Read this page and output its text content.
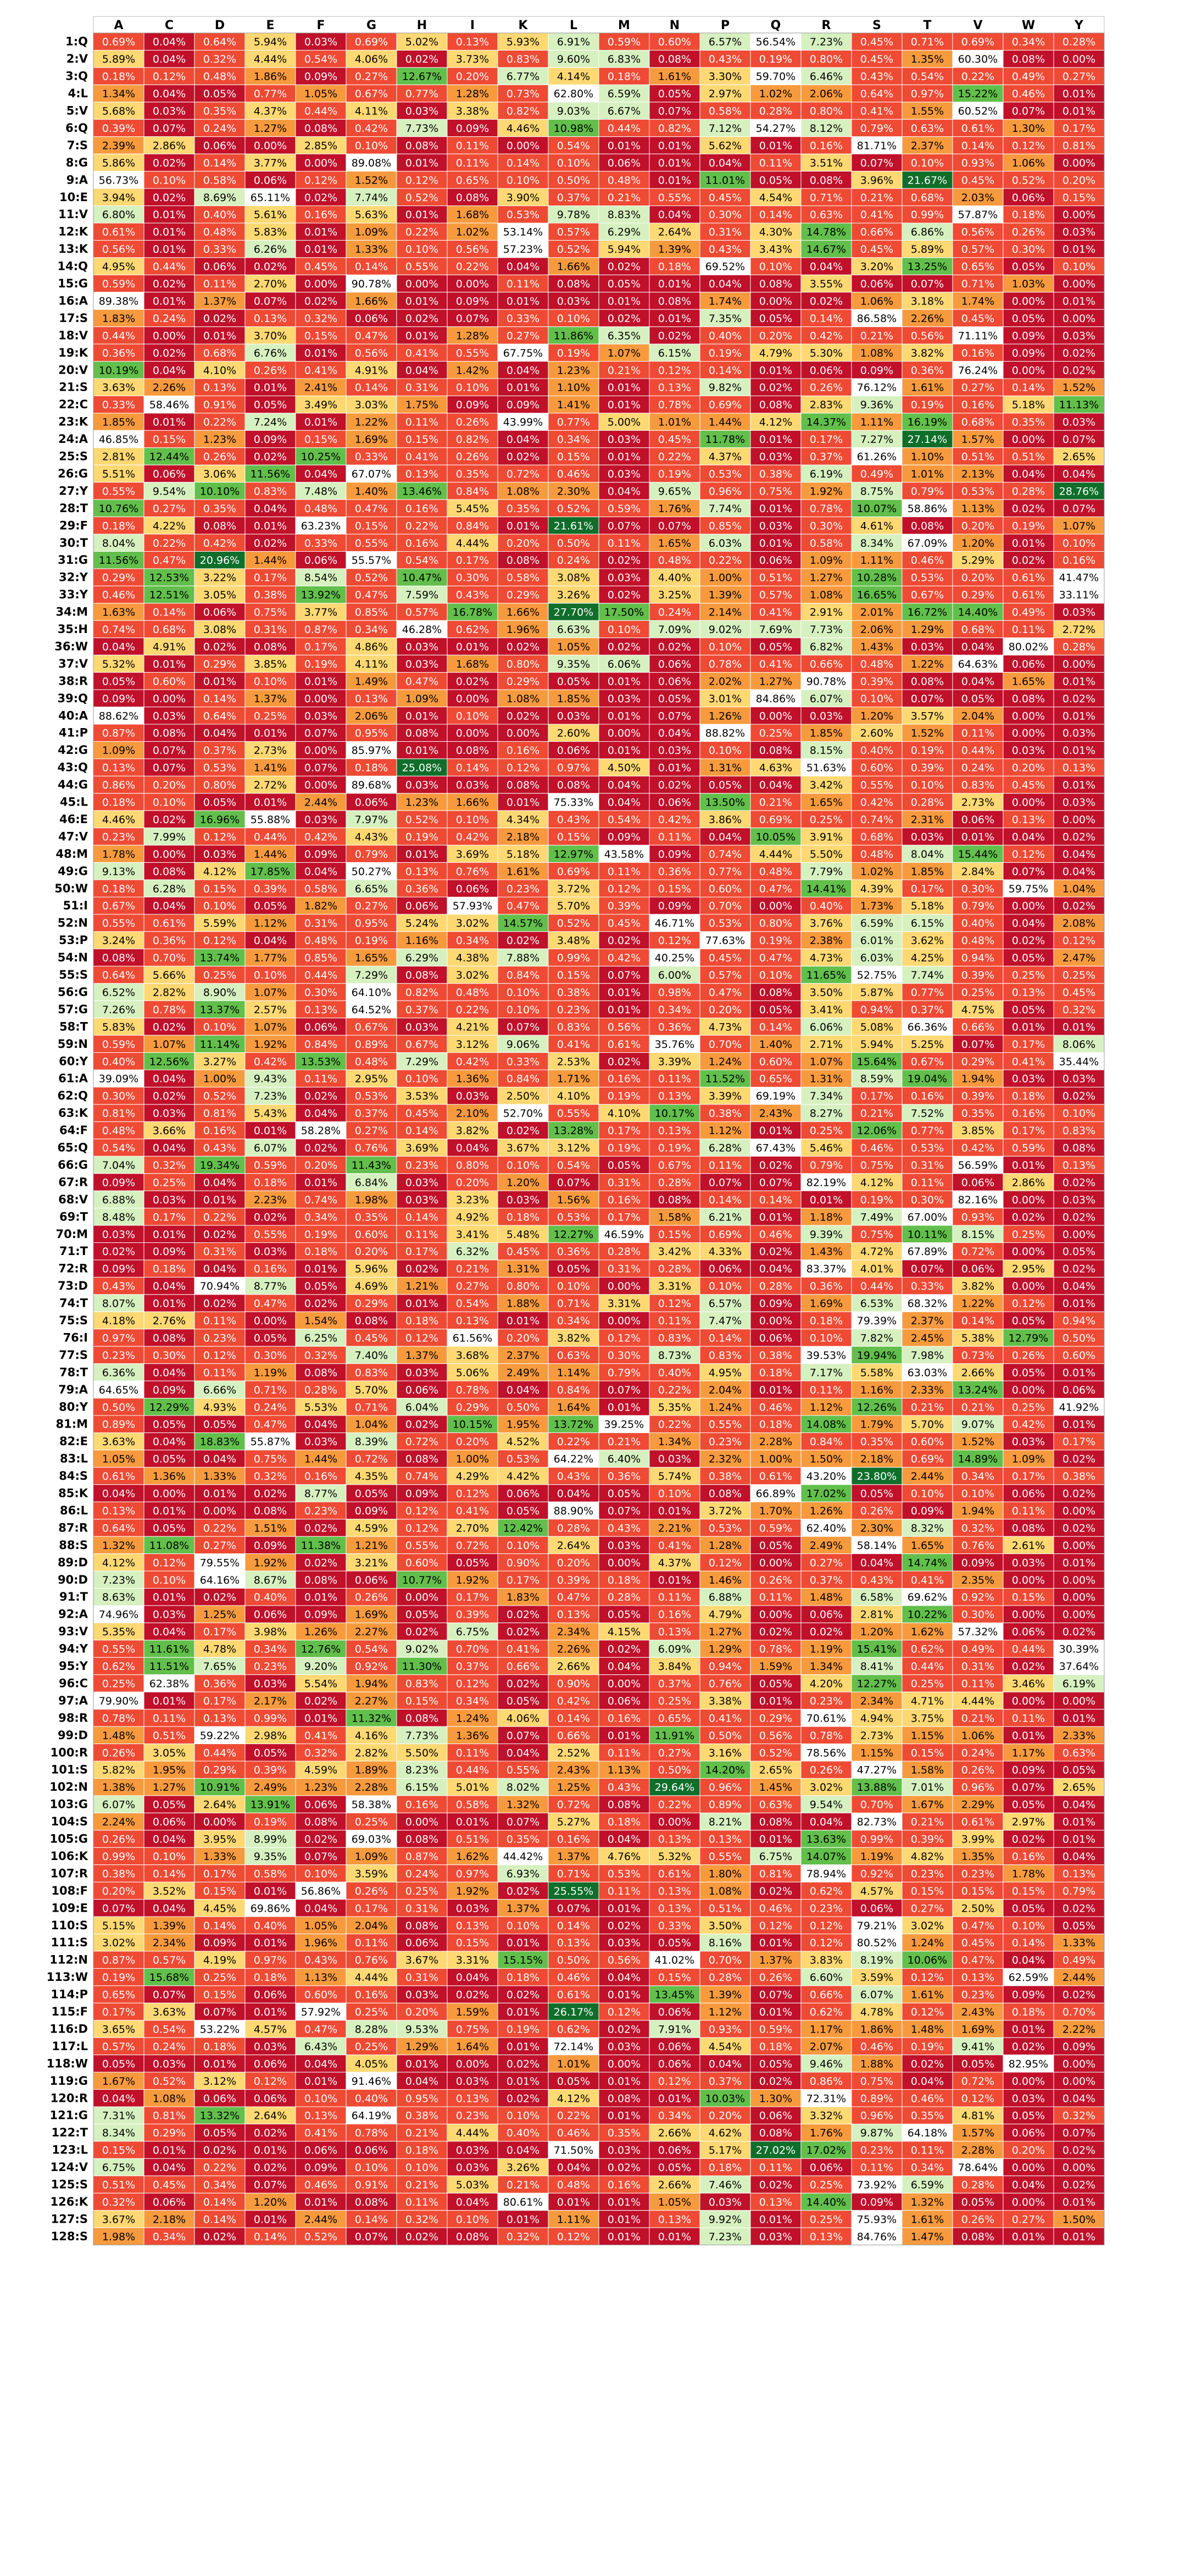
A	C	D	E	F	G	H	I	K	L	M	N	P	Q	R	S	T	V	W	Y
1:Q 0.69% 0.04% 0.64% 5.94% 0.03% 0.69% 5.02% 0.13% 5.93% 6.91% 0.59% 0.60% 6.57% 56.54% 7.23% 0.45% 0.71% 0.69% 0.34% 0.28%
2:V 5.89% 0.04% 0.32% 4.44% 0.54% 4.06% 0.02% 3.73% 0.83% 9.60% 6.83% 0.08% 0.43% 0.19% 0.80% 0.45% 1.35% 60.30% 0.08% 0.00%
3:Q 0.18% 0.12% 0.48% 1.86% 0.09% 0.27% 12.67% 0.20% 6.77% 4.14% 0.18% 1.61% 3.30% 59.70% 6.46% 0.43% 0.54% 0.22% 0.49% 0.27%
4:L 1.34% 0.04% 0.05% 0.77% 1.05% 0.67% 0.77% 1.28% 0.73% 62.80% 6.59% 0.05% 2.97% 1.02% 2.06% 0.64% 0.97% 15.22% 0.46% 0.01%
5:V 5.68% 0.03% 0.35% 4.37% 0.44% 4.11% 0.03% 3.38% 0.82% 9.03% 6.67% 0.07% 0.58% 0.28% 0.80% 0.41% 1.55% 60.52% 0.07% 0.01%
6:Q 0.39% 0.07% 0.24% 1.27% 0.08% 0.42% 7.73% 0.09% 4.46% 10.98% 0.44% 0.82% 7.12% 54.27% 8.12% 0.79% 0.63% 0.61% 1.30% 0.17%
7:S 2.39% 2.86% 0.06% 0.00% 2.85% 0.10% 0.08% 0.11% 0.00% 0.54% 0.01% 0.01% 5.62% 0.01% 0.16% 81.71% 2.37% 0.14% 0.12% 0.81%
8:G 5.86% 0.02% 0.14% 3.77% 0.00% 89.08% 0.01% 0.11% 0.14% 0.10% 0.06% 0.01% 0.04% 0.11% 3.51% 0.07% 0.10% 0.93% 1.06% 0.00%
9:A 56.73% 0.10% 0.58% 0.06% 0.12% 1.52% 0.12% 0.65% 0.10% 0.50% 0.48% 0.01% 11.01% 0.05% 0.08% 3.96% 21.67% 0.45% 0.52% 0.20%
10:E 3.94% 0.02% 8.69% 65.11% 0.02% 7.74% 0.52% 0.08% 3.90% 0.37% 0.21% 0.55% 0.45% 4.54% 0.71% 0.21% 0.68% 2.03% 0.06% 0.15%
11:V 6.80% 0.01% 0.40% 5.61% 0.16% 5.63% 0.01% 1.68% 0.53% 9.78% 8.83% 0.04% 0.30% 0.14% 0.63% 0.41% 0.99% 57.87% 0.18% 0.00%
12:K 0.61% 0.01% 0.48% 5.83% 0.01% 1.09% 0.22% 1.02% 53.14% 0.57% 6.29% 2.64% 0.31% 4.30% 14.78% 0.66% 6.86% 0.56% 0.26% 0.03%
13:K 0.56% 0.01% 0.33% 6.26% 0.01% 1.33% 0.10% 0.56% 57.23% 0.52% 5.94% 1.39% 0.43% 3.43% 14.67% 0.45% 5.89% 0.57% 0.30% 0.01%
14:Q 4.95% 0.44% 0.06% 0.02% 0.45% 0.14% 0.55% 0.22% 0.04% 1.66% 0.02% 0.18% 69.52% 0.10% 0.04% 3.20% 13.25% 0.65% 0.05% 0.10%
15:G 0.59% 0.02% 0.11% 2.70% 0.00% 90.78% 0.00% 0.00% 0.11% 0.08% 0.05% 0.01% 0.04% 0.08% 3.55% 0.06% 0.07% 0.71% 1.03% 0.00%
16:A 89.38% 0.01% 1.37% 0.07% 0.02% 1.66% 0.01% 0.09% 0.01% 0.03% 0.01% 0.08% 1.74% 0.00% 0.02% 1.06% 3.18% 1.74% 0.00% 0.01%
17:S 1.83% 0.24% 0.02% 0.13% 0.32% 0.06% 0.02% 0.07% 0.33% 0.10% 0.02% 0.01% 7.35% 0.05% 0.14% 86.58% 2.26% 0.45% 0.05% 0.00%
18:V 0.44% 0.00% 0.01% 3.70% 0.15% 0.47% 0.01% 1.28% 0.27% 11.86% 6.35% 0.02% 0.40% 0.20% 0.42% 0.21% 0.56% 71.11% 0.09% 0.03%
19:K 0.36% 0.02% 0.68% 6.76% 0.01% 0.56% 0.41% 0.55% 67.75% 0.19% 1.07% 6.15% 0.19% 4.79% 5.30% 1.08% 3.82% 0.16% 0.09% 0.02%
20:V 10.19% 0.04% 4.10% 0.26% 0.41% 4.91% 0.04% 1.42% 0.04% 1.23% 0.21% 0.12% 0.14% 0.01% 0.06% 0.09% 0.36% 76.24% 0.00% 0.02%
21:S 3.63% 2.26% 0.13% 0.01% 2.41% 0.14% 0.31% 0.10% 0.01% 1.10% 0.01% 0.13% 9.82% 0.02% 0.26% 76.12% 1.61% 0.27% 0.14% 1.52%
22:C 0.33% 58.46% 0.91% 0.05% 3.49% 3.03% 1.75% 0.09% 0.09% 1.41% 0.01% 0.78% 0.69% 0.08% 2.83% 9.36% 0.19% 0.16% 5.18% 11.13%
23:K 1.85% 0.01% 0.22% 7.24% 0.01% 1.22% 0.11% 0.26% 43.99% 0.77% 5.00% 1.01% 1.44% 4.12% 14.37% 1.11% 16.19% 0.68% 0.35% 0.03%
24:A 46.85% 0.15% 1.23% 0.09% 0.15% 1.69% 0.15% 0.82% 0.04% 0.34% 0.03% 0.45% 11.78% 0.01% 0.17% 7.27% 27.14% 1.57% 0.00% 0.07%
25:S 2.81% 12.44% 0.26% 0.02% 10.25% 0.33% 0.41% 0.26% 0.02% 0.15% 0.01% 0.22% 4.37% 0.03% 0.37% 61.26% 1.10% 0.51% 0.51% 2.65%
26:G 5.51% 0.06% 3.06% 11.56% 0.04% 67.07% 0.13% 0.35% 0.72% 0.46% 0.03% 0.19% 0.53% 0.38% 6.19% 0.49% 1.01% 2.13% 0.04% 0.04%
27:Y 0.55% 9.54% 10.10% 0.83% 7.48% 1.40% 13.46% 0.84% 1.08% 2.30% 0.04% 9.65% 0.96% 0.75% 1.92% 8.75% 0.79% 0.53% 0.28% 28.76%
28:T 10.76% 0.27% 0.35% 0.04% 0.48% 0.47% 0.16% 5.45% 0.35% 0.52% 0.59% 1.76% 7.74% 0.01% 0.78% 10.07% 58.86% 1.13% 0.02% 0.07%
29:F 0.18% 4.22% 0.08% 0.01% 63.23% 0.15% 0.22% 0.84% 0.01% 21.61% 0.07% 0.07% 0.85% 0.03% 0.30% 4.61% 0.08% 0.20% 0.19% 1.07%
30:T 8.04% 0.22% 0.42% 0.02% 0.33% 0.55% 0.16% 4.44% 0.20% 0.50% 0.11% 1.65% 6.03% 0.01% 0.58% 8.34% 67.09% 1.20% 0.01% 0.10%
31:G 11.56% 0.47% 20.96% 1.44% 0.06% 55.57% 0.54% 0.17% 0.08% 0.24% 0.02% 0.48% 0.22% 0.06% 1.09% 1.11% 0.46% 5.29% 0.02% 0.16%
32:Y 0.29% 12.53% 3.22% 0.17% 8.54% 0.52% 10.47% 0.30% 0.58% 3.08% 0.03% 4.40% 1.00% 0.51% 1.27% 10.28% 0.53% 0.20% 0.61% 41.47%
33:Y 0.46% 12.51% 3.05% 0.38% 13.92% 0.47% 7.59% 0.43% 0.29% 3.26% 0.02% 3.25% 1.39% 0.57% 1.08% 16.65% 0.67% 0.29% 0.61% 33.11%
34:M 1.63% 0.14% 0.06% 0.75% 3.77% 0.85% 0.57% 16.78% 1.66% 27.70% 17.50% 0.24% 2.14% 0.41% 2.91% 2.01% 16.72% 14.40% 0.49% 0.03%
35:H 0.74% 0.68% 3.08% 0.31% 0.87% 0.34% 46.28% 0.62% 1.96% 6.63% 0.10% 7.09% 9.02% 7.69% 7.73% 2.06% 1.29% 0.68% 0.11% 2.72%
36:W 0.04% 4.91% 0.02% 0.08% 0.17% 4.86% 0.03% 0.01% 0.02% 1.05% 0.02% 0.02% 0.10% 0.05% 6.82% 1.43% 0.03% 0.04% 80.02% 0.28%
37:V 5.32% 0.01% 0.29% 3.85% 0.19% 4.11% 0.03% 1.68% 0.80% 9.35% 6.06% 0.06% 0.78% 0.41% 0.66% 0.48% 1.22% 64.63% 0.06% 0.00%
38:R 0.05% 0.60% 0.01% 0.10% 0.01% 1.49% 0.47% 0.02% 0.29% 0.05% 0.01% 0.06% 2.02% 1.27% 90.78% 0.39% 0.08% 0.04% 1.65% 0.01%
39:Q 0.09% 0.00% 0.14% 1.37% 0.00% 0.13% 1.09% 0.00% 1.08% 1.85% 0.03% 0.05% 3.01% 84.86% 6.07% 0.10% 0.07% 0.05% 0.08% 0.02%
40:A 88.62% 0.03% 0.64% 0.25% 0.03% 2.06% 0.01% 0.10% 0.02% 0.03% 0.01% 0.07% 1.26% 0.00% 0.03% 1.20% 3.57% 2.04% 0.00% 0.01%
41:P 0.87% 0.08% 0.04% 0.01% 0.07% 0.95% 0.08% 0.00% 0.00% 2.60% 0.00% 0.04% 88.82% 0.25% 1.85% 2.60% 1.52% 0.11% 0.00% 0.03%
42:G 1.09% 0.07% 0.37% 2.73% 0.00% 85.97% 0.01% 0.08% 0.16% 0.06% 0.01% 0.03% 0.10% 0.08% 8.15% 0.40% 0.19% 0.44% 0.03% 0.01%
43:Q 0.13% 0.07% 0.53% 1.41% 0.07% 0.18% 25.08% 0.14% 0.12% 0.97% 4.50% 0.01% 1.31% 4.63% 51.63% 0.60% 0.39% 0.24% 0.20% 0.13%
44:G 0.86% 0.20% 0.80% 2.72% 0.00% 89.68% 0.03% 0.03% 0.08% 0.08% 0.04% 0.02% 0.05% 0.04% 3.42% 0.55% 0.10% 0.83% 0.45% 0.01%
45:L 0.18% 0.10% 0.05% 0.01% 2.44% 0.06% 1.23% 1.66% 0.01% 75.33% 0.04% 0.06% 13.50% 0.21% 1.65% 0.42% 0.28% 2.73% 0.00% 0.03%
46:E 4.46% 0.02% 16.96% 55.88% 0.03% 7.97% 0.52% 0.10% 4.34% 0.43% 0.54% 0.42% 3.86% 0.69% 0.25% 0.74% 2.31% 0.06% 0.13% 0.00%
47:V 0.23% 7.99% 0.12% 0.44% 0.42% 4.43% 0.19% 0.42% 2.18% 0.15% 0.09% 0.11% 0.04% 10.05% 3.91% 0.68% 0.03% 0.01% 0.04% 0.02%
48:M 1.78% 0.00% 0.03% 1.44% 0.09% 0.79% 0.01% 3.69% 5.18% 12.97% 43.58% 0.09% 0.74% 4.44% 5.50% 0.48% 8.04% 15.44% 0.12% 0.04%
49:G 9.13% 0.08% 4.12% 17.85% 0.04% 50.27% 0.13% 0.76% 1.61% 0.69% 0.11% 0.36% 0.77% 0.48% 7.79% 1.02% 1.85% 2.84% 0.07% 0.04%
50:W 0.18% 6.28% 0.15% 0.39% 0.58% 6.65% 0.36% 0.06% 0.23% 3.72% 0.12% 0.15% 0.60% 0.47% 14.41% 4.39% 0.17% 0.30% 59.75% 1.04%
51:I 0.67% 0.04% 0.10% 0.05% 1.82% 0.27% 0.06% 57.93% 0.47% 5.70% 0.39% 0.09% 0.70% 0.00% 0.40% 1.73% 5.18% 0.79% 0.00% 0.02%
52:N 0.55% 0.61% 5.59% 1.12% 0.31% 0.95% 5.24% 3.02% 14.57% 0.52% 0.45% 46.71% 0.53% 0.80% 3.76% 6.59% 6.15% 0.40% 0.04% 2.08%
53:P 3.24% 0.36% 0.12% 0.04% 0.48% 0.19% 1.16% 0.34% 0.02% 3.48% 0.02% 0.12% 77.63% 0.19% 2.38% 6.01% 3.62% 0.48% 0.02% 0.12%
54:N 0.08% 0.70% 13.74% 1.77% 0.85% 1.65% 6.29% 4.38% 7.88% 0.99% 0.42% 40.25% 0.45% 0.47% 4.73% 6.03% 4.25% 0.94% 0.05% 2.47%
55:S 0.64% 5.66% 0.25% 0.10% 0.44% 7.29% 0.08% 3.02% 0.84% 0.15% 0.07% 6.00% 0.57% 0.10% 11.65% 52.75% 7.74% 0.39% 0.25% 0.25%
56:G 6.52% 2.82% 8.90% 1.07% 0.30% 64.10% 0.82% 0.48% 0.10% 0.38% 0.01% 0.98% 0.47% 0.08% 3.50% 5.87% 0.77% 0.25% 0.13% 0.45%
57:G 7.26% 0.78% 13.37% 2.57% 0.13% 64.52% 0.37% 0.22% 0.10% 0.23% 0.01% 0.34% 0.20% 0.05% 3.41% 0.94% 0.37% 4.75% 0.05% 0.32%
58:T 5.83% 0.02% 0.10% 1.07% 0.06% 0.67% 0.03% 4.21% 0.07% 0.83% 0.56% 0.36% 4.73% 0.14% 6.06% 5.08% 66.36% 0.66% 0.01% 0.01%
59:N 0.59% 1.07% 11.14% 1.92% 0.84% 0.89% 0.67% 3.12% 9.06% 0.41% 0.61% 35.76% 0.70% 1.40% 2.71% 5.94% 5.25% 0.07% 0.17% 8.06%
60:Y 0.40% 12.56% 3.27% 0.42% 13.53% 0.48% 7.29% 0.42% 0.33% 2.53% 0.02% 3.39% 1.24% 0.60% 1.07% 15.64% 0.67% 0.29% 0.41% 35.44%
61:A 39.09% 0.04% 1.00% 9.43% 0.11% 2.95% 0.10% 1.36% 0.84% 1.71% 0.16% 0.11% 11.52% 0.65% 1.31% 8.59% 19.04% 1.94% 0.03% 0.03%
62:Q 0.30% 0.02% 0.52% 7.23% 0.02% 0.53% 3.53% 0.03% 2.50% 4.10% 0.19% 0.13% 3.39% 69.19% 7.34% 0.17% 0.16% 0.39% 0.18% 0.02%
63:K 0.81% 0.03% 0.81% 5.43% 0.04% 0.37% 0.45% 2.10% 52.70% 0.55% 4.10% 10.17% 0.38% 2.43% 8.27% 0.21% 7.52% 0.35% 0.16% 0.10%
64:F 0.48% 3.66% 0.16% 0.01% 58.28% 0.27% 0.14% 3.82% 0.02% 13.28% 0.17% 0.13% 1.12% 0.01% 0.25% 12.06% 0.77% 3.85% 0.17% 0.83%
65:Q 0.54% 0.04% 0.43% 6.07% 0.02% 0.76% 3.69% 0.04% 3.67% 3.12% 0.19% 0.19% 6.28% 67.43% 5.46% 0.46% 0.53% 0.42% 0.59% 0.08%
66:G 7.04% 0.32% 19.34% 0.59% 0.20% 11.43% 0.23% 0.80% 0.10% 0.54% 0.05% 0.67% 0.11% 0.02% 0.79% 0.75% 0.31% 56.59% 0.01% 0.13%
67:R 0.09% 0.25% 0.04% 0.18% 0.01% 6.84% 0.03% 0.20% 1.20% 0.07% 0.31% 0.28% 0.07% 0.07% 82.19% 4.12% 0.11% 0.06% 2.86% 0.02%
68:V 6.88% 0.03% 0.01% 2.23% 0.74% 1.98% 0.03% 3.23% 0.03% 1.56% 0.16% 0.08% 0.14% 0.14% 0.01% 0.19% 0.30% 82.16% 0.00% 0.03%
69:T 8.48% 0.17% 0.22% 0.02% 0.34% 0.35% 0.14% 4.92% 0.18% 0.53% 0.17% 1.58% 6.21% 0.01% 1.18% 7.49% 67.00% 0.93% 0.02% 0.02%
70:M 0.03% 0.01% 0.02% 0.55% 0.19% 0.60% 0.11% 3.41% 5.48% 12.27% 46.59% 0.15% 0.69% 0.46% 9.39% 0.75% 10.11% 8.15% 0.25% 0.00%
71:T 0.02% 0.09% 0.31% 0.03% 0.18% 0.20% 0.17% 6.32% 0.45% 0.36% 0.28% 3.42% 4.33% 0.02% 1.43% 4.72% 67.89% 0.72% 0.00% 0.05%
72:R 0.09% 0.18% 0.04% 0.16% 0.01% 5.96% 0.02% 0.21% 1.31% 0.05% 0.31% 0.28% 0.06% 0.04% 83.37% 4.01% 0.07% 0.06% 2.95% 0.02%
73:D 0.43% 0.04% 70.94% 8.77% 0.05% 4.69% 1.21% 0.27% 0.80% 0.10% 0.00% 3.31% 0.10% 0.28% 0.36% 0.44% 0.33% 3.82% 0.00% 0.04%
74:T 8.07% 0.01% 0.02% 0.47% 0.02% 0.29% 0.01% 0.54% 1.88% 0.71% 3.31% 0.12% 6.57% 0.09% 1.69% 6.53% 68.32% 1.22% 0.12% 0.01%
75:S 4.18% 2.76% 0.11% 0.00% 1.54% 0.08% 0.18% 0.13% 0.01% 0.34% 0.00% 0.11% 7.47% 0.00% 0.18% 79.39% 2.37% 0.14% 0.05% 0.94%
76:I 0.97% 0.08% 0.23% 0.05% 6.25% 0.45% 0.12% 61.56% 0.20% 3.82% 0.12% 0.83% 0.14% 0.06% 0.10% 7.82% 2.45% 5.38% 12.79% 0.50%
77:S 0.23% 0.30% 0.12% 0.30% 0.32% 7.40% 1.37% 3.68% 2.37% 0.63% 0.30% 8.73% 0.83% 0.38% 39.53% 19.94% 7.98% 0.73% 0.26% 0.60%
78:T 6.36% 0.04% 0.11% 1.19% 0.08% 0.83% 0.03% 5.06% 2.49% 1.14% 0.79% 0.40% 4.95% 0.18% 7.17% 5.58% 63.03% 2.66% 0.05% 0.01%
79:A 64.65% 0.09% 6.66% 0.71% 0.28% 5.70% 0.06% 0.78% 0.04% 0.84% 0.07% 0.22% 2.04% 0.01% 0.11% 1.16% 2.33% 13.24% 0.00% 0.06%
80:Y 0.50% 12.29% 4.93% 0.24% 5.53% 0.71% 6.04% 0.29% 0.50% 1.64% 0.01% 5.35% 1.24% 0.46% 1.12% 12.26% 0.21% 0.21% 0.25% 41.92%
81:M 0.89% 0.05% 0.05% 0.47% 0.04% 1.04% 0.02% 10.15% 1.95% 13.72% 39.25% 0.22% 0.55% 0.18% 14.08% 1.79% 5.70% 9.07% 0.42% 0.01%
82:E 3.63% 0.04% 18.83% 55.87% 0.03% 8.39% 0.72% 0.20% 4.52% 0.22% 0.21% 1.34% 0.23% 2.28% 0.84% 0.35% 0.60% 1.52% 0.03% 0.17%
83:L 1.05% 0.05% 0.04% 0.75% 1.44% 0.72% 0.08% 1.00% 0.53% 64.22% 6.40% 0.03% 2.32% 1.00% 1.50% 2.18% 0.69% 14.89% 1.09% 0.02%
84:S 0.61% 1.36% 1.33% 0.32% 0.16% 4.35% 0.74% 4.29% 4.42% 0.43% 0.36% 5.74% 0.38% 0.61% 43.20% 23.80% 2.44% 0.34% 0.17% 0.38%
85:K 0.04% 0.00% 0.01% 0.02% 8.77% 0.05% 0.09% 0.12% 0.06% 0.04% 0.05% 0.10% 0.08% 66.89% 17.02% 0.05% 0.10% 0.10% 0.06% 0.02%
86:L 0.13% 0.01% 0.00% 0.08% 0.23% 0.09% 0.12% 0.41% 0.05% 88.90% 0.07% 0.01% 3.72% 1.70% 1.26% 0.26% 0.09% 1.94% 0.11% 0.00%
87:R 0.64% 0.05% 0.22% 1.51% 0.02% 4.59% 0.12% 2.70% 12.42% 0.28% 0.43% 2.21% 0.53% 0.59% 62.40% 2.30% 8.32% 0.32% 0.08% 0.02%
88:S 1.32% 11.08% 0.27% 0.09% 11.38% 1.21% 0.55% 0.72% 0.10% 2.64% 0.03% 0.41% 1.28% 0.05% 2.49% 58.14% 1.65% 0.76% 2.61% 0.00%
89:D 4.12% 0.12% 79.55% 1.92% 0.02% 3.21% 0.60% 0.05% 0.90% 0.20% 0.00% 4.37% 0.12% 0.00% 0.27% 0.04% 14.74% 0.09% 0.03% 0.01%
90:D 7.23% 0.10% 64.16% 8.67% 0.08% 0.06% 10.77% 1.92% 0.17% 0.39% 0.18% 0.01% 1.46% 0.26% 0.37% 0.43% 0.41% 2.35% 0.00% 0.00%
91:T 8.63% 0.01% 0.02% 0.40% 0.01% 0.26% 0.00% 0.17% 1.83% 0.47% 0.28% 0.11% 6.88% 0.11% 1.48% 6.58% 69.62% 0.92% 0.15% 0.00%
92:A 74.96% 0.03% 1.25% 0.06% 0.09% 1.69% 0.05% 0.39% 0.02% 0.13% 0.05% 0.16% 4.79% 0.00% 0.06% 2.81% 10.22% 0.30% 0.00% 0.00%
93:V 5.35% 0.04% 0.17% 3.98% 1.26% 2.27% 0.02% 6.75% 0.02% 2.34% 4.15% 0.13% 1.27% 0.02% 0.02% 1.20% 1.62% 57.32% 0.06% 0.02%
94:Y 0.55% 11.61% 4.78% 0.34% 12.76% 0.54% 9.02% 0.70% 0.41% 2.26% 0.02% 6.09% 1.29% 0.78% 1.19% 15.41% 0.62% 0.49% 0.44% 30.39%
95:Y 0.62% 11.51% 7.65% 0.23% 9.20% 0.92% 11.30% 0.37% 0.66% 2.66% 0.04% 3.84% 0.94% 1.59% 1.34% 8.41% 0.44% 0.31% 0.02% 37.64%
96:C 0.25% 62.38% 0.36% 0.03% 5.54% 1.94% 0.83% 0.12% 0.02% 0.90% 0.00% 0.37% 0.76% 0.05% 4.20% 12.27% 0.25% 0.11% 3.46% 6.19%
97:A 79.90% 0.01% 0.17% 2.17% 0.02% 2.27% 0.15% 0.34% 0.05% 0.42% 0.06% 0.25% 3.38% 0.01% 0.23% 2.34% 4.71% 4.44% 0.00% 0.00%
98:R 0.78% 0.11% 0.13% 0.99% 0.01% 11.32% 0.08% 1.24% 4.06% 0.14% 0.16% 0.65% 0.41% 0.29% 70.61% 4.94% 3.75% 0.21% 0.11% 0.01%
99:D 1.48% 0.51% 59.22% 2.98% 0.41% 4.16% 7.73% 1.36% 0.07% 0.66% 0.01% 11.91% 0.50% 0.56% 0.78% 2.73% 1.15% 1.06% 0.01% 2.33%
100:R 0.26% 3.05% 0.44% 0.05% 0.32% 2.82% 5.50% 0.11% 0.04% 2.52% 0.11% 0.27% 3.16% 0.52% 78.56% 1.15% 0.15% 0.24% 1.17% 0.63%
101:S 5.82% 1.95% 0.29% 0.39% 4.59% 1.89% 8.23% 0.44% 0.55% 2.43% 1.13% 0.50% 14.20% 2.65% 0.26% 47.27% 1.58% 0.26% 0.09% 0.05%
102:N 1.38% 1.27% 10.91% 2.49% 1.23% 2.28% 6.15% 5.01% 8.02% 1.25% 0.43% 29.64% 0.96% 1.45% 3.02% 13.88% 7.01% 0.96% 0.07% 2.65%
103:G 6.07% 0.05% 2.64% 13.91% 0.06% 58.38% 0.16% 0.58% 1.32% 0.72% 0.08% 0.22% 0.89% 0.63% 9.54% 0.70% 1.67% 2.29% 0.05% 0.04%
104:S 2.24% 0.06% 0.00% 0.19% 0.08% 0.25% 0.00% 0.01% 0.07% 5.27% 0.18% 0.00% 8.21% 0.08% 0.04% 82.73% 0.21% 0.61% 2.97% 0.01%
105:G 0.26% 0.04% 3.95% 8.99% 0.02% 69.03% 0.08% 0.51% 0.35% 0.16% 0.04% 0.13% 0.13% 0.01% 13.63% 0.99% 0.39% 3.99% 0.02% 0.01%
106:K 0.99% 0.10% 1.33% 9.35% 0.07% 1.09% 0.87% 1.62% 44.42% 1.37% 4.76% 5.32% 0.55% 6.75% 14.07% 1.19% 4.82% 1.35% 0.16% 0.04%
107:R 0.38% 0.14% 0.17% 0.58% 0.10% 3.59% 0.24% 0.97% 6.93% 0.71% 0.53% 0.61% 1.80% 0.81% 78.94% 0.92% 0.23% 0.23% 1.78% 0.13%
108:F 0.20% 3.52% 0.15% 0.01% 56.86% 0.26% 0.25% 1.92% 0.02% 25.55% 0.11% 0.13% 1.08% 0.02% 0.62% 4.57% 0.15% 0.15% 0.15% 0.79%
109:E 0.07% 0.04% 4.45% 69.86% 0.04% 0.17% 0.31% 0.03% 1.37% 0.07% 0.01% 0.13% 0.51% 0.46% 0.23% 0.06% 0.27% 2.50% 0.05% 0.02%
110:S 5.15% 1.39% 0.14% 0.40% 1.05% 2.04% 0.08% 0.13% 0.10% 0.14% 0.02% 0.33% 3.50% 0.12% 0.12% 79.21% 3.02% 0.47% 0.10% 0.05%
111:S 3.02% 2.34% 0.09% 0.01% 1.96% 0.11% 0.06% 0.15% 0.01% 0.13% 0.03% 0.05% 8.16% 0.01% 0.12% 80.52% 1.24% 0.45% 0.14% 1.33%
112:N 0.87% 0.57% 4.19% 0.97% 0.43% 0.76% 3.67% 3.31% 15.15% 0.50% 0.56% 41.02% 0.70% 1.37% 3.83% 8.19% 10.06% 0.47% 0.04% 0.49%
113:W 0.19% 15.68% 0.25% 0.18% 1.13% 4.44% 0.31% 0.04% 0.18% 0.46% 0.04% 0.15% 0.28% 0.26% 6.60% 3.59% 0.12% 0.13% 62.59% 2.44%
114:P 0.65% 0.07% 0.15% 0.06% 0.60% 0.16% 0.03% 0.02% 0.02% 0.61% 0.01% 13.45% 1.39% 0.07% 0.66% 6.07% 1.61% 0.23% 0.09% 0.02%
115:F 0.17% 3.63% 0.07% 0.01% 57.92% 0.25% 0.20% 1.59% 0.01% 26.17% 0.12% 0.06% 1.12% 0.01% 0.62% 4.78% 0.12% 2.43% 0.18% 0.70%
116:D 3.65% 0.54% 53.22% 4.57% 0.47% 8.28% 9.53% 0.75% 0.19% 0.62% 0.02% 7.91% 0.93% 0.59% 1.17% 1.86% 1.48% 1.69% 0.01% 2.22%
117:L 0.57% 0.24% 0.18% 0.03% 6.43% 0.25% 1.29% 1.64% 0.01% 72.14% 0.03% 0.06% 4.54% 0.18% 2.07% 0.46% 0.19% 9.41% 0.02% 0.09%
118:W 0.05% 0.03% 0.01% 0.06% 0.04% 4.05% 0.01% 0.00% 0.02% 1.01% 0.00% 0.06% 0.04% 0.05% 9.46% 1.88% 0.02% 0.05% 82.95% 0.00%
119:G 1.67% 0.52% 3.12% 0.12% 0.01% 91.46% 0.04% 0.03% 0.01% 0.05% 0.01% 0.12% 0.37% 0.02% 0.86% 0.75% 0.04% 0.72% 0.00% 0.00%
120:R 0.04% 1.08% 0.06% 0.06% 0.10% 0.40% 0.95% 0.13% 0.02% 4.12% 0.08% 0.01% 10.03% 1.30% 72.31% 0.89% 0.46% 0.12% 0.03% 0.04%
121:G 7.31% 0.81% 13.32% 2.64% 0.13% 64.19% 0.38% 0.23% 0.10% 0.22% 0.01% 0.34% 0.20% 0.06% 3.32% 0.96% 0.35% 4.81% 0.05% 0.32%
122:T 8.34% 0.29% 0.05% 0.02% 0.41% 0.78% 0.21% 4.44% 0.40% 0.46% 0.35% 2.66% 4.62% 0.08% 1.76% 9.87% 64.18% 1.57% 0.06% 0.07%
123:L 0.15% 0.01% 0.02% 0.01% 0.06% 0.06% 0.18% 0.03% 0.04% 71.50% 0.03% 0.06% 5.17% 27.02% 17.02% 0.23% 0.11% 2.28% 0.20% 0.02%
124:V 6.75% 0.04% 0.22% 0.02% 0.09% 0.10% 0.10% 0.03% 3.26% 0.04% 0.02% 0.05% 0.18% 0.11% 0.06% 0.11% 0.34% 78.64% 0.00% 0.00%
125:S 0.51% 0.45% 0.34% 0.07% 0.46% 0.91% 0.21% 5.03% 0.21% 0.48% 0.16% 2.66% 7.46% 0.02% 0.25% 73.92% 6.59% 0.28% 0.04% 0.02%
126:K 0.32% 0.06% 0.14% 1.20% 0.01% 0.08% 0.11% 0.04% 80.61% 0.01% 0.01% 1.05% 0.03% 0.13% 14.40% 0.09% 1.32% 0.05% 0.00% 0.01%
127:S 3.67% 2.18% 0.14% 0.01% 2.44% 0.14% 0.32% 0.10% 0.01% 1.11% 0.01% 0.13% 9.92% 0.01% 0.25% 75.93% 1.61% 0.26% 0.27% 1.50%
128:S 1.98% 0.34% 0.02% 0.14% 0.52% 0.07% 0.02% 0.08% 0.32% 0.12% 0.01% 0.01% 7.23% 0.03% 0.13% 84.76% 1.47% 0.08% 0.01% 0.01%
